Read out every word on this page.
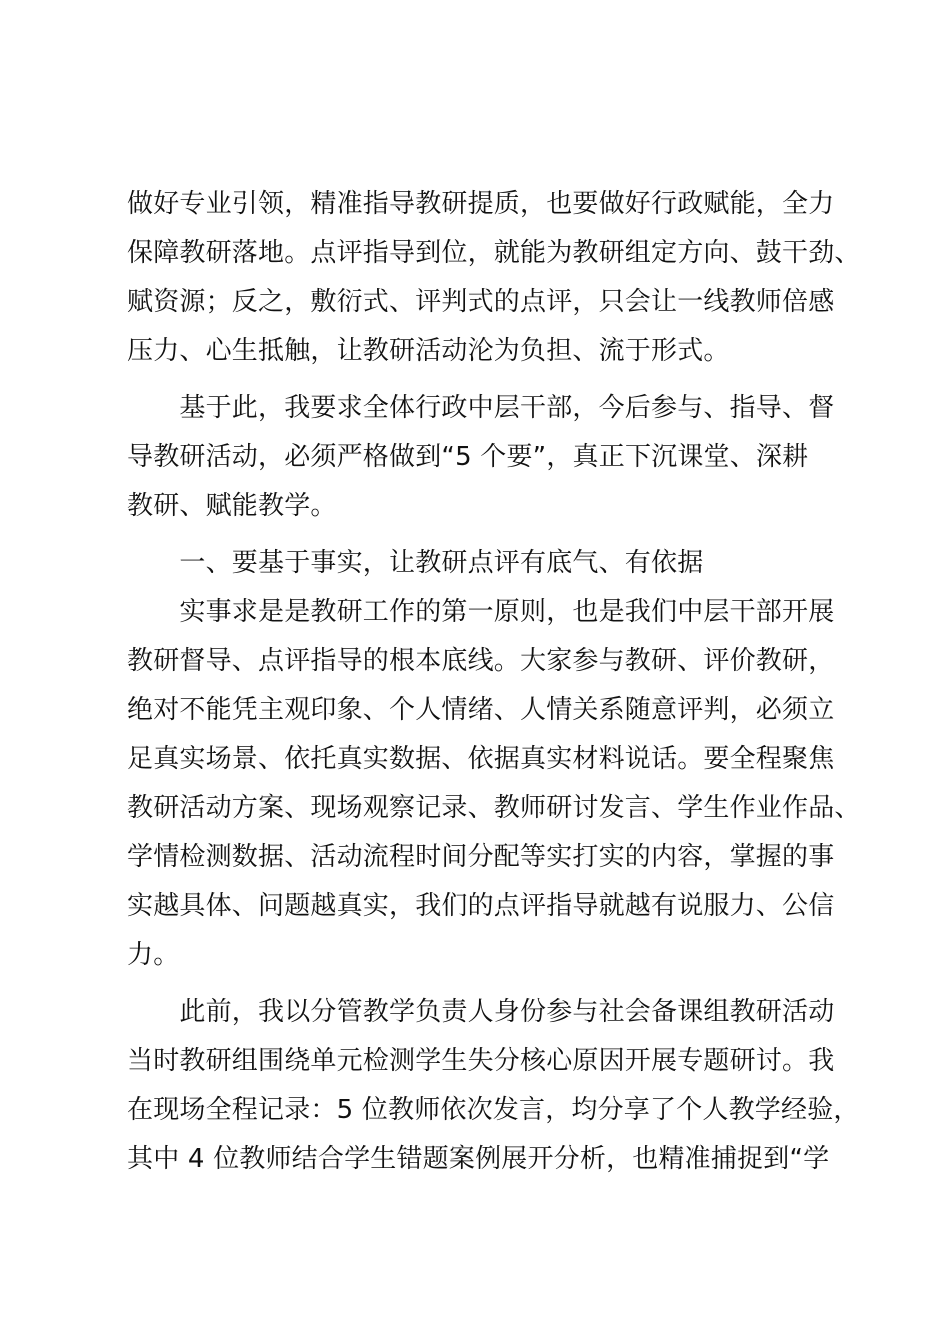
做好专业引领，精准指导教研提质，也要做好行政赋能，全力
保障教研落地。点评指导到位，就能为教研组定方向、鼓干劲、
赋资源；反之，敷衍式、评判式的点评，只会让一线教师倍感
压力、心生抵触，让教研活动沦为负担、流于形式。
　　基于此，我要求全体行政中层干部，今后参与、指导、督
导教研活动，必须严格做到“5 个要”，真正下沉课堂、深耕
教研、赋能教学。
　　一、要基于事实，让教研点评有底气、有依据
　　实事求是是教研工作的第一原则，也是我们中层干部开展
教研督导、点评指导的根本底线。大家参与教研、评价教研，
绝对不能凭主观印象、个人情绪、人情关系随意评判，必须立
足真实场景、依托真实数据、依据真实材料说话。要全程聚焦
教研活动方案、现场观察记录、教师研讨发言、学生作业作品、
学情检测数据、活动流程时间分配等实打实的内容，掌握的事
实越具体、问题越真实，我们的点评指导就越有说服力、公信
力。
　　此前，我以分管教学负责人身份参与社会备课组教研活动
当时教研组围绕单元检测学生失分核心原因开展专题研讨。我
在现场全程记录：5 位教师依次发言，均分享了个人教学经验，
其中 4 位教师结合学生错题案例展开分析，也精准捕捉到“学
